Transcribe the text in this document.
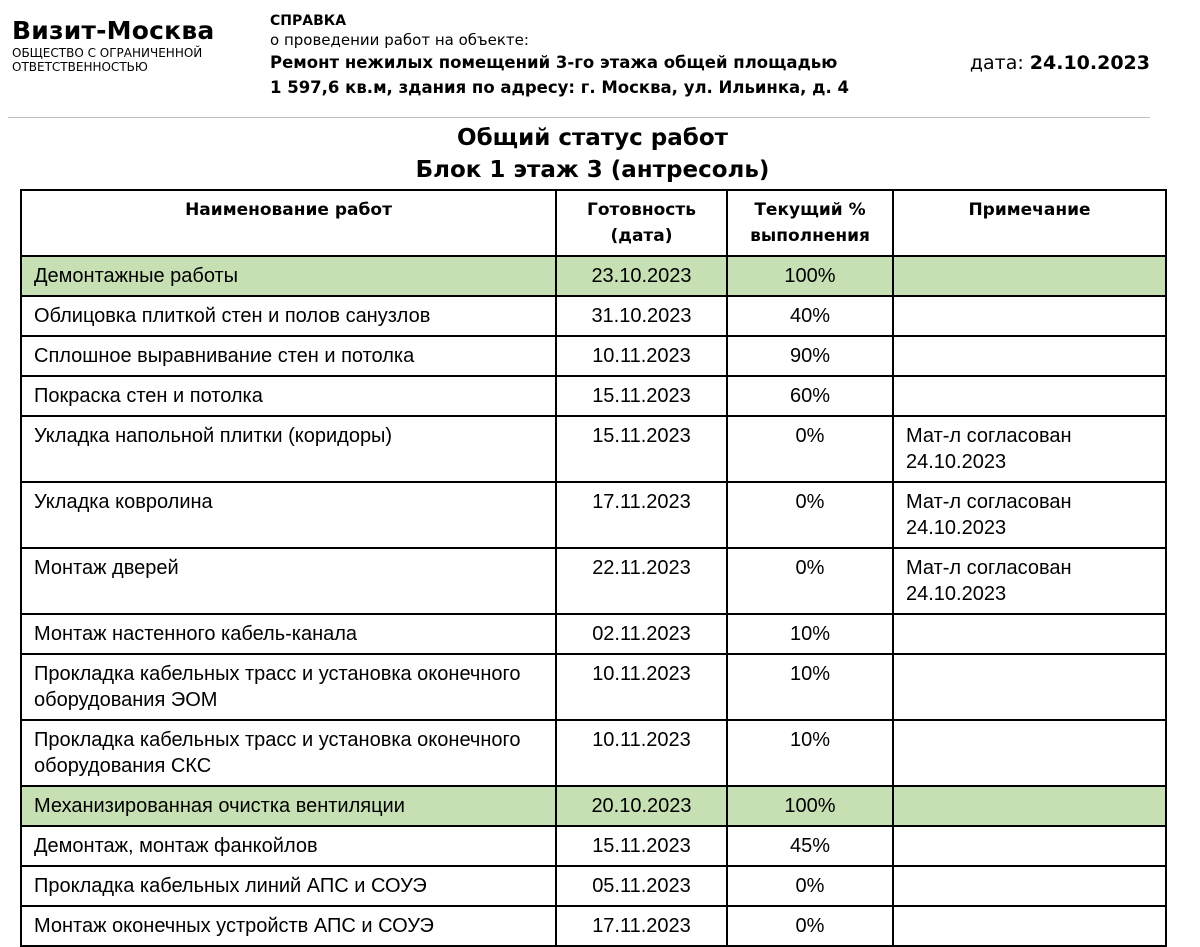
Визит-Москва
ОБЩЕСТВО С ОГРАНИЧЕННОЙ ОТВЕТСТВЕННОСТЬЮ
СПРАВКА
о проведении работ на объекте:
Ремонт нежилых помещений 3-го этажа общей площадью
1 597,6 кв.м, здания по адресу: г. Москва, ул. Ильинка, д. 4
дата: 24.10.2023
Общий статус работ
Блок 1 этаж 3 (антресоль)
Наименование работ	Готовность (дата)	Текущий % выполнения	Примечание
Демонтажные работы	23.10.2023	100%	
Облицовка плиткой стен и полов санузлов	31.10.2023	40%	
Сплошное выравнивание стен и потолка	10.11.2023	90%	
Покраска стен и потолка	15.11.2023	60%	
Укладка напольной плитки (коридоры)	15.11.2023	0%	Мат-л согласован 24.10.2023
Укладка ковролина	17.11.2023	0%	Мат-л согласован 24.10.2023
Монтаж дверей	22.11.2023	0%	Мат-л согласован 24.10.2023
Монтаж настенного кабель-канала	02.11.2023	10%	
Прокладка кабельных трасс и установка оконечного оборудования ЭОМ	10.11.2023	10%	
Прокладка кабельных трасс и установка оконечного оборудования СКС	10.11.2023	10%	
Механизированная очистка вентиляции	20.10.2023	100%	
Демонтаж, монтаж фанкойлов	15.11.2023	45%	
Прокладка кабельных линий АПС и СОУЭ	05.11.2023	0%	
Монтаж оконечных устройств АПС и СОУЭ	17.11.2023	0%	
